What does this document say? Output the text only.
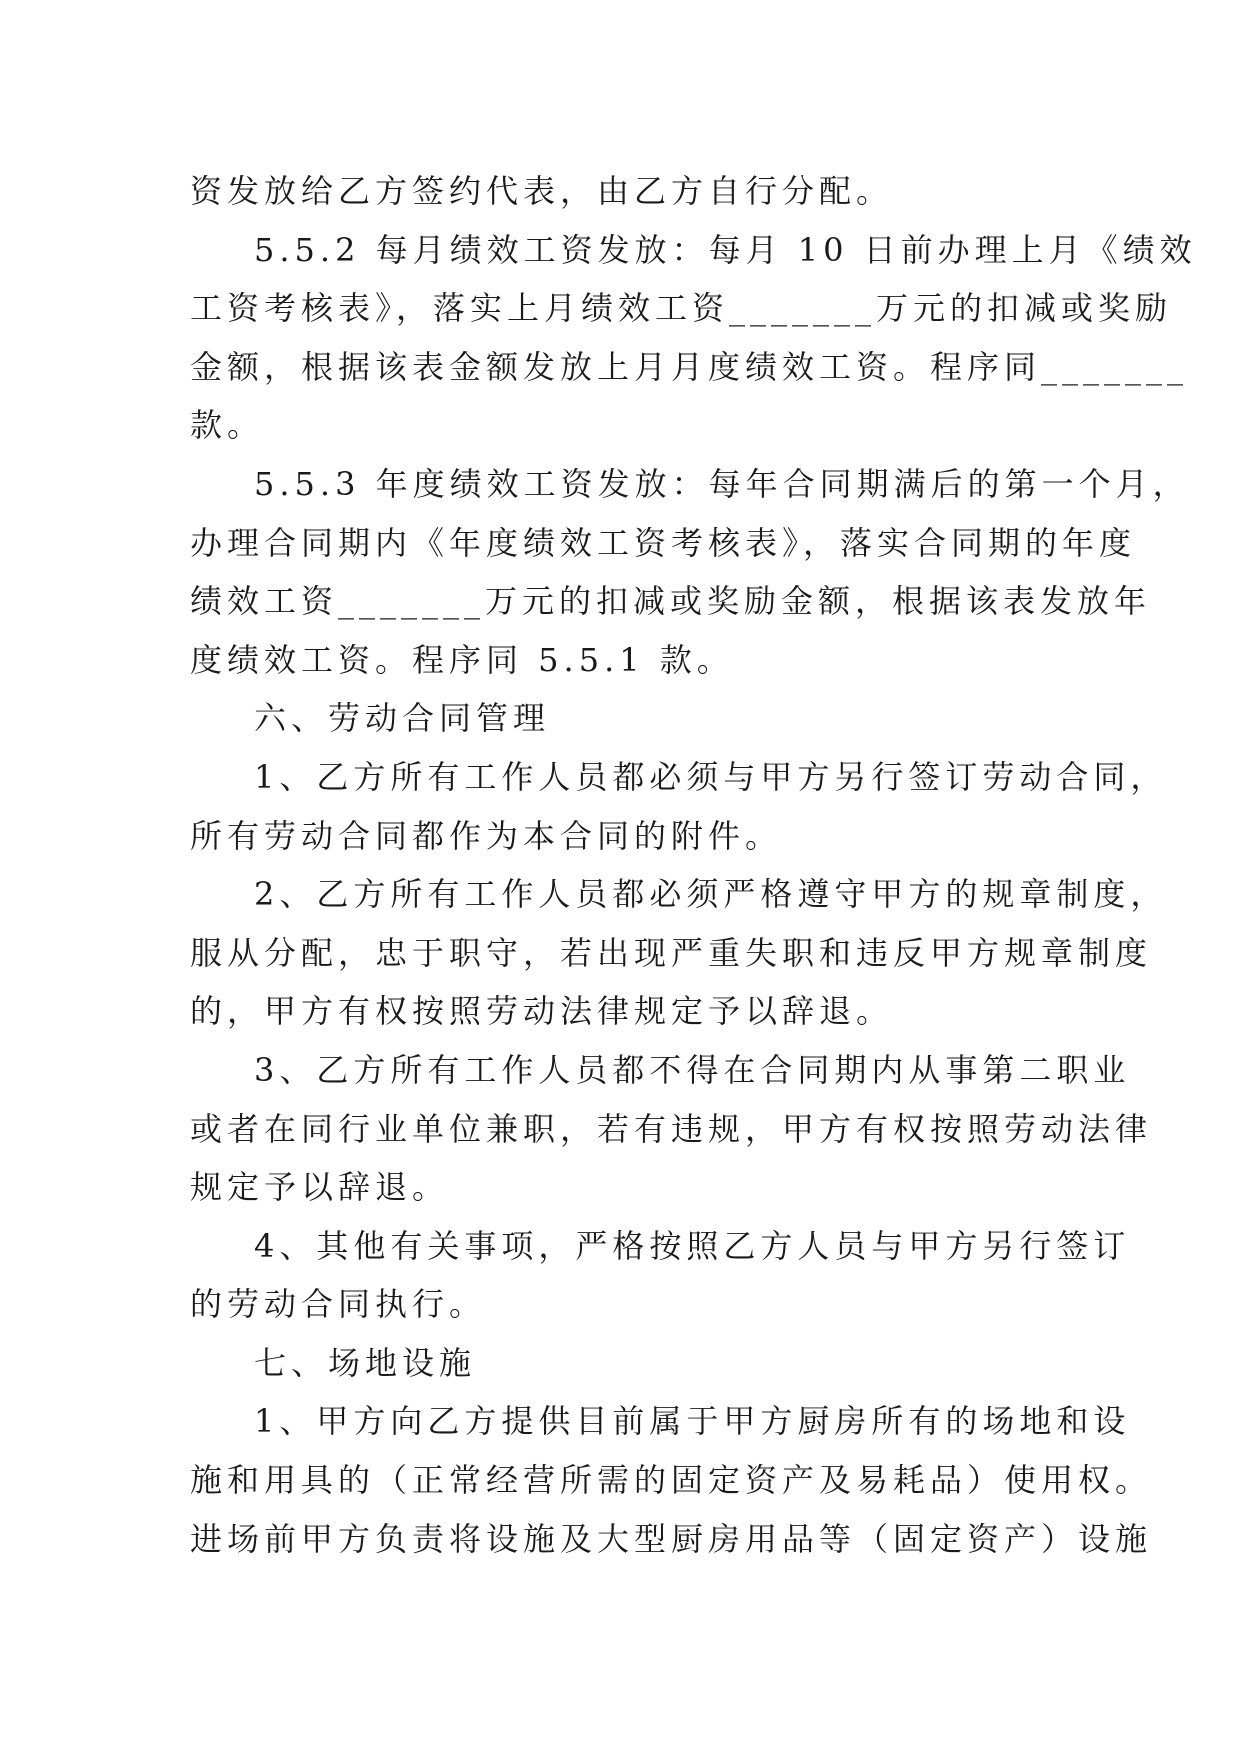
资发放给乙方签约代表，由乙方自行分配。
5.5.2 每月绩效工资发放：每月 10 日前办理上月《绩效
工资考核表》，落实上月绩效工资_______万元的扣减或奖励
金额，根据该表金额发放上月月度绩效工资。程序同_______
款。
5.5.3 年度绩效工资发放：每年合同期满后的第一个月，
办理合同期内《年度绩效工资考核表》，落实合同期的年度
绩效工资_______万元的扣减或奖励金额，根据该表发放年
度绩效工资。程序同 5.5.1 款。
六、劳动合同管理
1、乙方所有工作人员都必须与甲方另行签订劳动合同，
所有劳动合同都作为本合同的附件。
2、乙方所有工作人员都必须严格遵守甲方的规章制度，
服从分配，忠于职守，若出现严重失职和违反甲方规章制度
的，甲方有权按照劳动法律规定予以辞退。
3、乙方所有工作人员都不得在合同期内从事第二职业
或者在同行业单位兼职，若有违规，甲方有权按照劳动法律
规定予以辞退。
4、其他有关事项，严格按照乙方人员与甲方另行签订
的劳动合同执行。
七、场地设施
1、甲方向乙方提供目前属于甲方厨房所有的场地和设
施和用具的（正常经营所需的固定资产及易耗品）使用权。
进场前甲方负责将设施及大型厨房用品等（固定资产）设施
